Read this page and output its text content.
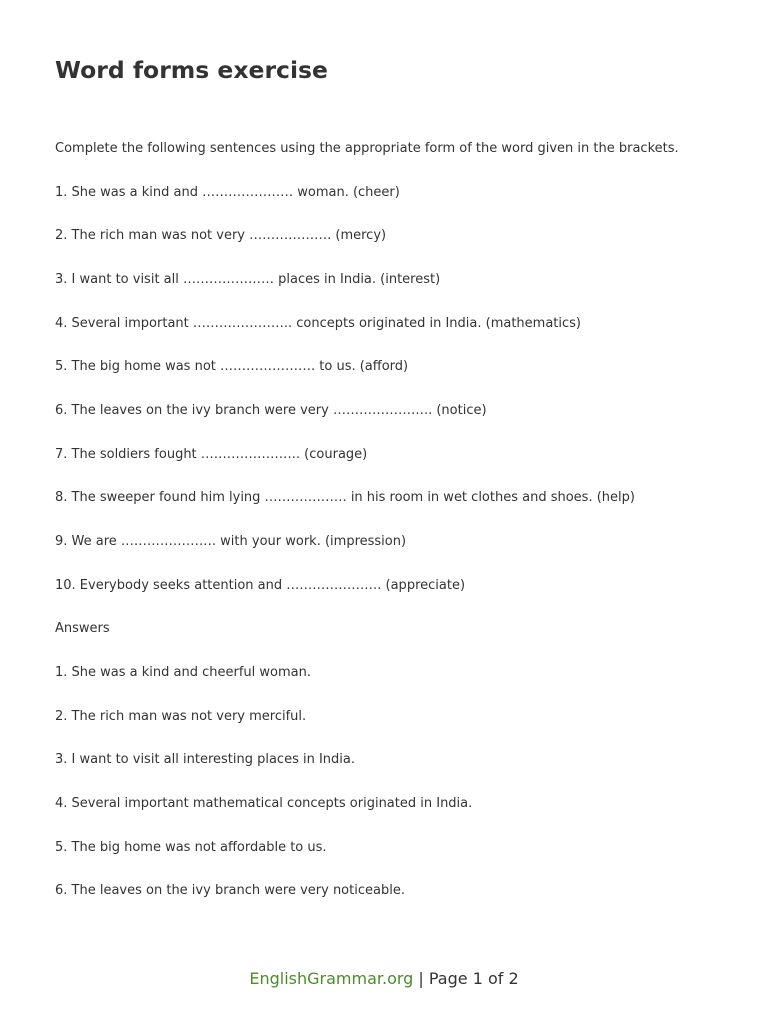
Word forms exercise

Complete the following sentences using the appropriate form of the word given in the brackets.

1. She was a kind and ………………… woman. (cheer)

2. The rich man was not very ………………. (mercy)

3. I want to visit all ………………… places in India. (interest)

4. Several important ………………….. concepts originated in India. (mathematics)

5. The big home was not …………………. to us. (afford)

6. The leaves on the ivy branch were very ………………….. (notice)

7. The soldiers fought ………………….. (courage)

8. The sweeper found him lying ………………. in his room in wet clothes and shoes. (help)

9. We are …………………. with your work. (impression)

10. Everybody seeks attention and …………………. (appreciate)

Answers

1. She was a kind and cheerful woman.

2. The rich man was not very merciful.

3. I want to visit all interesting places in India.

4. Several important mathematical concepts originated in India.

5. The big home was not affordable to us.

6. The leaves on the ivy branch were very noticeable.

EnglishGrammar.org | Page 1 of 2
